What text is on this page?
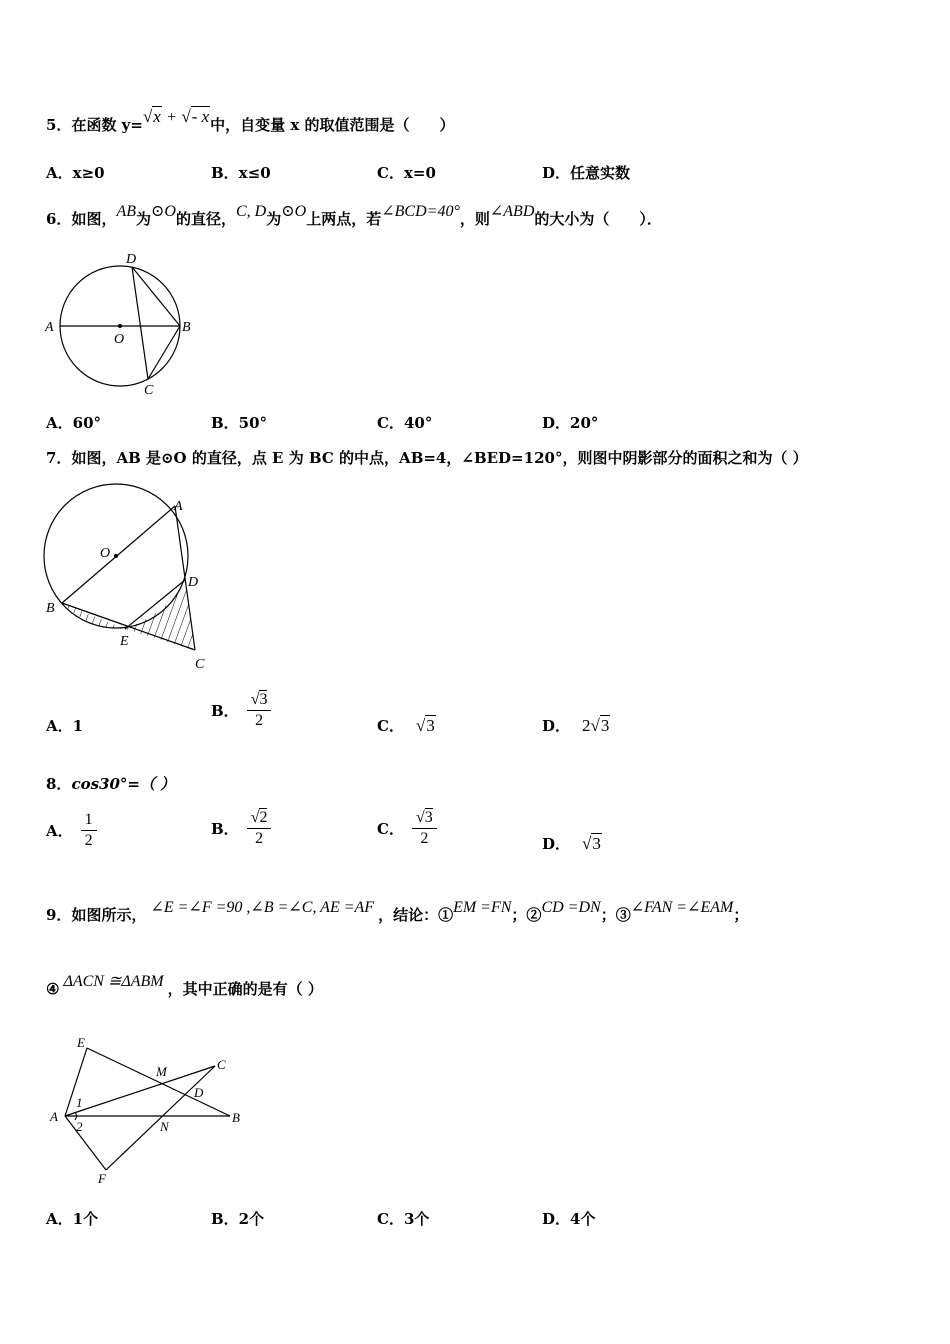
5．在函数 y=√x + √- x中，自变量 x 的取值范围是（　　）
A．x≥0	B．x≤0	C．x=0	D．任意实数
6．如图，AB为⊙O的直径，C, D为⊙O上两点，若∠BCD=40°，则∠ABD的大小为（　　）．
A	B
D
C
O
A．60°	B．50°	C．40°	D．20°
7．如图，AB 是⊙O 的直径，点 E 为 BC 的中点，AB=4，∠BED=120°，则图中阴影部分的面积之和为（ ）
B
A
D
E
C
O
A．1
B． $\frac{√3}{2}$	C． √3	D． 2√3
8．cos30°=（ ）
A． $\frac{1}{2}$	B． $\frac{√2}{2}$	C． $\frac{√3}{2}$	D． √3
9．如图所示， ∠E =∠F =90 ,∠B =∠C, AE =AF ，结论：①EM =FN；②CD =DN；③∠FAN =∠EAM；
④ ΔACN ≅ΔABM ，其中正确的是有（ ）
E
A	B
C
M
D
N
F
1
2
A．1个	B．2个	C．3个	D．4个
